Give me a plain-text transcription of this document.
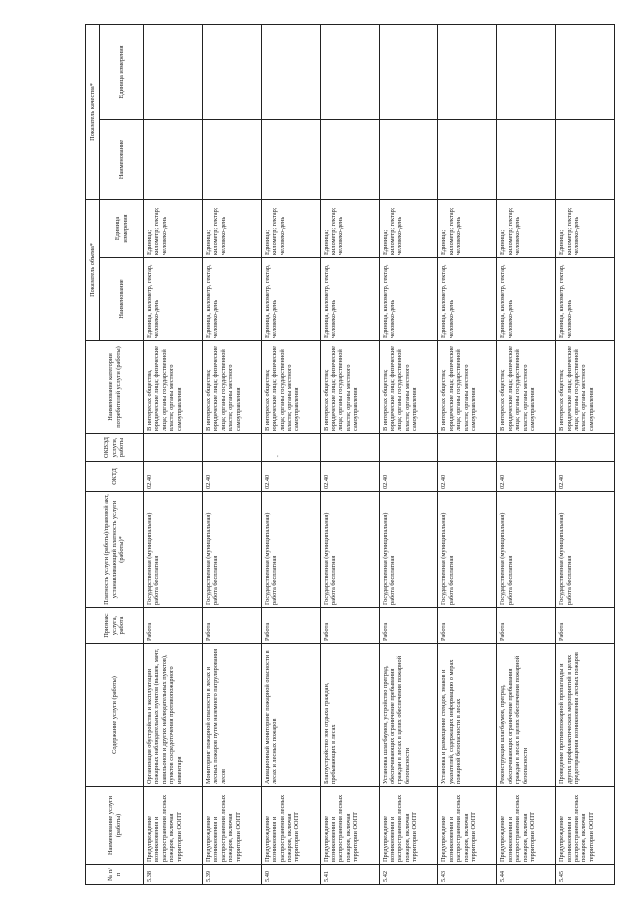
,
№ п/п	Наименование услуги (работы)	Содержание услуги (работы)	Признак: услуга, работа	Платность услуги (работы)/правовой акт, устанавливающий платность услуги (работы)*	ОКТД	ОКВЭД услуги, работы	Наименование категории потребителей услуги (работы)	Показатель объема*		Показатель качества*	
								Наименование	Единица измерения	Наименование	Единица измерения
5.38	Предупреждение возникновения и распространения лесных пожаров, включая территории ООПТ	Организация обустройства и эксплуатации пожарных наблюдательных пунктов (вышек, мачт, павильонов и других наблюдательных пунктов), пунктов сосредоточения противопожарного инвентаря	Работа	Государственная (муниципальная) работа бесплатная	02.40		В интересах общества, юридические лица; физические лица; органы государственной власти; органы местного самоуправления	Единица, километр, гектар, человеко-день	Единица; километр; гектар; человеко-день		
5.39	Предупреждение возникновения и распространения лесных пожаров, включая территории ООПТ	Мониторинг пожарной опасности в лесах и лесных пожаров путем наземного патрулирования лесов	Работа	Государственная (муниципальная) работа бесплатная	02.40		В интересах общества; юридические лица; физические лица; органы государственной власти; органы местного самоуправления	Единица, километр, гектар, человеко-день	Единица; километр; гектар; человеко-день		
5.40	Предупреждение возникновения и распространения лесных пожаров, включая территории ООПТ	Авиационный мониторинг пожарной опасности в лесах и лесных пожаров	Работа	Государственная (муниципальная) работа бесплатная	02.40		В интересах общества; юридические лица; физические лица; органы государственной власти; органы местного самоуправления	Единица, километр, гектар, человеко-день	Единица; километр; гектар; человеко-день		
5.41	Предупреждение возникновения и распространения лесных пожаров, включая территории ООПТ	Благоустройство зон отдыха граждан, пребывающих в лесах	Работа	Государственная (муниципальная) работа бесплатная	02.40		В интересах общества; юридические лица; физические лица; органы государственной власти; органы местного самоуправления	Единица, километр, гектар, человеко-день	Единица; километр; гектар; человеко-день		
5.42	Предупреждение возникновения и распространения лесных пожаров, включая территории ООПТ	Установка шлагбаумов, устройство преград, обеспечивающих ограничение пребывания граждан в лесах в целях обеспечения пожарной безопасности	Работа	Государственная (муниципальная) работа бесплатная	02.40		В интересах общества; юридические лица; физические лица; органы государственной власти; органы местного самоуправления	Единица, километр, гектар, человеко-день	Единица; километр; гектар; человеко-день		
5.43	Предупреждение возникновения и распространения лесных пожаров, включая территории ООПТ	Установка и размещение стендов, знаков и указателей, содержащих информацию о мерах пожарной безопасности в лесах	Работа	Государственная (муниципальная) работа бесплатная	02.40		В интересах общества; юридические лица; физические лица; органы государственной власти; органы местного самоуправления	Единица, километр, гектар, человеко-день	Единица; километр; гектар; человеко-день		
5.44	Предупреждение возникновения и распространения лесных пожаров, включая территории ООПТ	Реконструкция шлагбаумов, преград, обеспечивающих ограничение пребывания граждан в лесах в целях обеспечения пожарной безопасности	Работа	Государственная (муниципальная) работа бесплатная	02.40		В интересах общества; юридические лица; физические лица; органы государственной власти; органы местного самоуправления	Единица, километр, гектар, человеко-день	Единица; километр; гектар; человеко-день		
5.45	Предупреждение возникновения и распространения лесных пожаров, включая территории ООПТ	Проведение противопожарной пропаганды и других профилактических мероприятий в целях предотвращения возникновения лесных пожаров	Работа	Государственная (муниципальная) работа бесплатная	02.40		В интересах общества; юридические лица; физические лица; органы государственной власти; органы местного самоуправления	Единица, километр, гектар, человеко-день	Единица; километр; гектар; человеко-день		
